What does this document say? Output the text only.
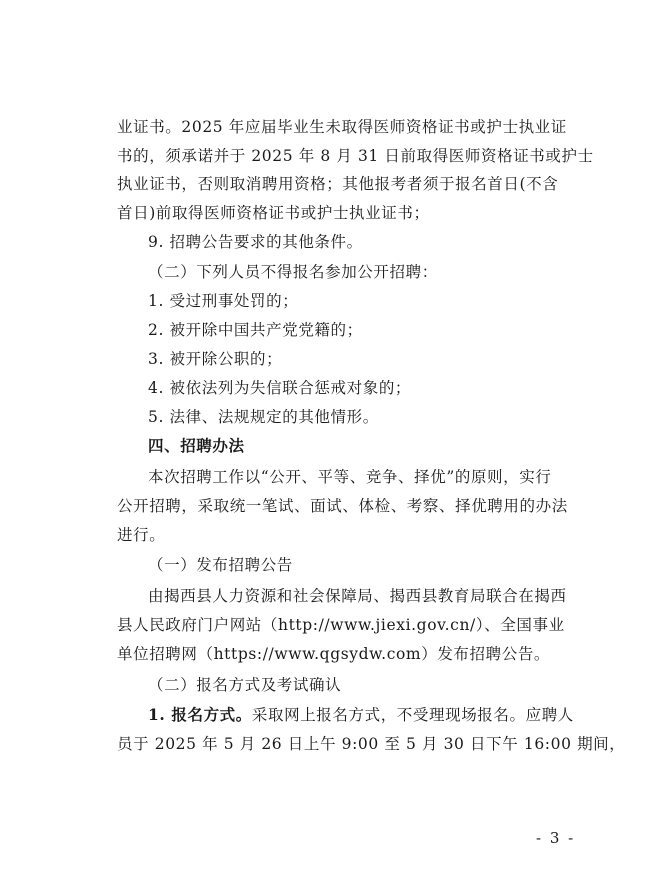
业证书。2025 年应届毕业生未取得医师资格证书或护士执业证
书的，须承诺并于 2025 年 8 月 31 日前取得医师资格证书或护士
执业证书，否则取消聘用资格；其他报考者须于报名首日(不含
首日)前取得医师资格证书或护士执业证书；
9. 招聘公告要求的其他条件。
（二）下列人员不得报名参加公开招聘：
1. 受过刑事处罚的；
2. 被开除中国共产党党籍的；
3. 被开除公职的；
4. 被依法列为失信联合惩戒对象的；
5. 法律、法规规定的其他情形。
四、招聘办法
本次招聘工作以“公开、平等、竞争、择优”的原则，实行
公开招聘，采取统一笔试、面试、体检、考察、择优聘用的办法
进行。
（一）发布招聘公告
由揭西县人力资源和社会保障局、揭西县教育局联合在揭西
县人民政府门户网站（http://www.jiexi.gov.cn/）、全国事业
单位招聘网（https://www.qgsydw.com）发布招聘公告。
（二）报名方式及考试确认
1. 报名方式。采取网上报名方式，不受理现场报名。应聘人
员于 2025 年 5 月 26 日上午 9:00 至 5 月 30 日下午 16:00 期间，
- 3 -
